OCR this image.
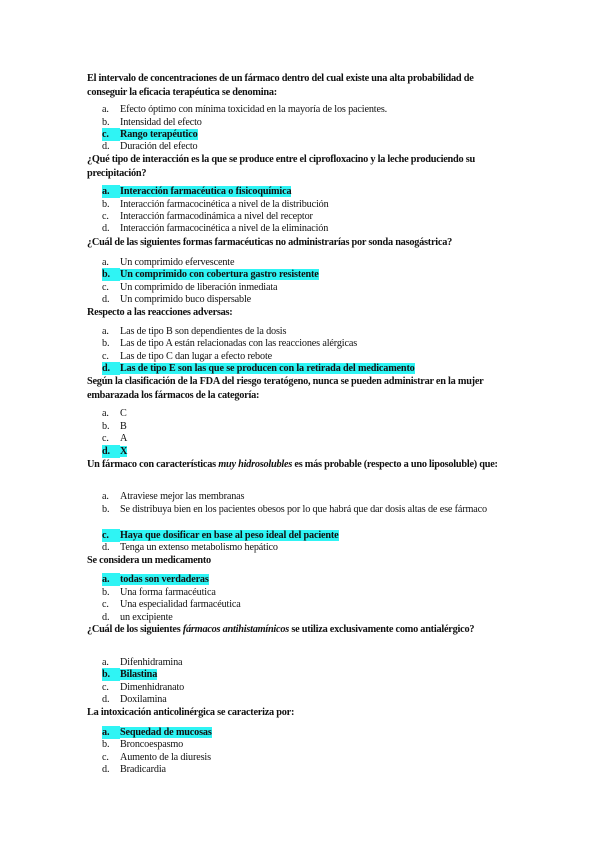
El intervalo de concentraciones de un fármaco dentro del cual existe una alta probabilidad de conseguir la eficacia terapéutica se denomina:
a. Efecto óptimo con mínima toxicidad en la mayoría de los pacientes.
b. Intensidad del efecto
c. Rango terapéutico
d. Duración del efecto
¿Qué tipo de interacción es la que se produce entre el ciprofloxacino y la leche produciendo su precipitación?
a. Interacción farmacéutica o fisicoquímica
b. Interacción farmacocinética a nivel de la distribución
c. Interacción farmacodinámica a nivel del receptor
d. Interacción farmacocinética a nivel de la eliminación
¿Cuál de las siguientes formas farmacéuticas no administrarías por sonda nasogástrica?
a. Un comprimido efervescente
b. Un comprimido con cobertura gastro resistente
c. Un comprimido de liberación inmediata
d. Un comprimido buco dispersable
Respecto a las reacciones adversas:
a. Las de tipo B son dependientes de la dosis
b. Las de tipo A están relacionadas con las reacciones alérgicas
c. Las de tipo C dan lugar a efecto rebote
d. Las de tipo E son las que se producen con la retirada del medicamento
Según la clasificación de la FDA del riesgo teratógeno, nunca se pueden administrar en la mujer embarazada los fármacos de la categoría:
a. C
b. B
c. A
d. X
Un fármaco con características muy hidrosolubles es más probable (respecto a uno liposoluble) que:
a. Atraviese mejor las membranas
b. Se distribuya bien en los pacientes obesos por lo que habrá que dar dosis altas de ese fármaco
c. Haya que dosificar en base al peso ideal del paciente
d. Tenga un extenso metabolismo hepático
Se considera un medicamento
a. todas son verdaderas
b. Una forma farmacéutica
c. Una especialidad farmacéutica
d. un excipiente
¿Cuál de los siguientes fármacos antihistamínicos se utiliza exclusivamente como antialérgico?
a. Difenhidramina
b. Bilastina
c. Dimenhidranato
d. Doxilamina
La intoxicación anticolinérgica se caracteriza por:
a. Sequedad de mucosas
b. Broncoespasmo
c. Aumento de la diuresis
d. Bradicardia
